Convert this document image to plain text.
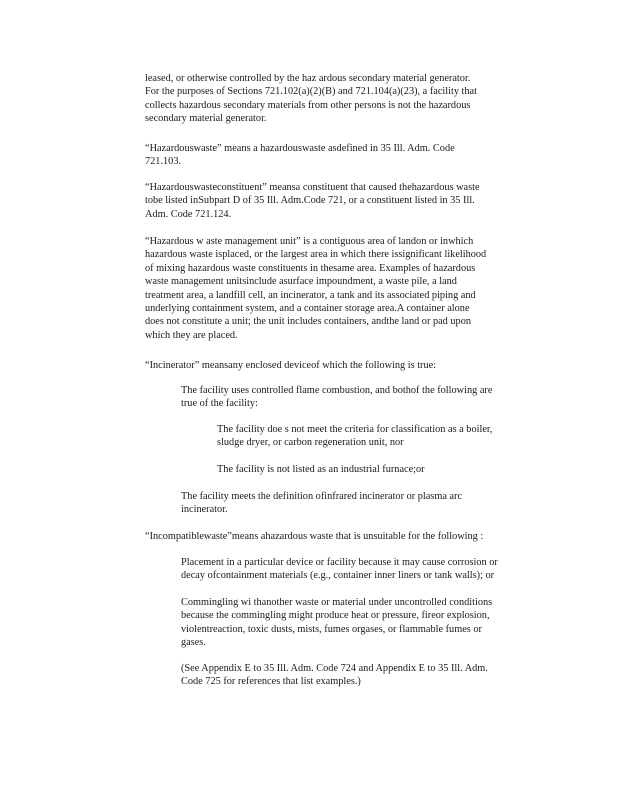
leased, or otherwise controlled by the haz ardous secondary material generator.
For the purposes of Sections 721.102(a)(2)(B) and 721.104(a)(23), a facility that
collects hazardous secondary materials from other persons is not the hazardous
secondary material generator.

“Hazardouswaste” means a hazardouswaste asdefined in 35 Ill. Adm. Code
721.103.

“Hazardouswasteconstituent” meansa constituent that caused thehazardous waste
tobe listed inSubpart D of 35 Ill. Adm.Code 721, or a constituent listed in 35 Ill.
Adm. Code 721.124.

“Hazardous w aste management unit” is a contiguous area of landon or inwhich
hazardous waste isplaced, or the largest area in which there issignificant likelihood
of mixing hazardous waste constituents in thesame area. Examples of hazardous
waste management unitsinclude asurface impoundment, a waste pile, a land
treatment area, a landfill cell, an incinerator, a tank and its associated piping and
underlying containment system, and a container storage area.A container alone
does not constitute a unit; the unit includes containers, andthe land or pad upon
which they are placed.

“Incinerator” meansany enclosed deviceof which the following is true:

The facility uses controlled flame combustion, and bothof the following are
true of the facility:

The facility doe s not meet the criteria for classification as a boiler,
sludge dryer, or carbon regeneration unit, nor

The facility is not listed as an industrial furnace;or

The facility meets the definition ofinfrared incinerator or plasma arc
incinerator.

“Incompatiblewaste”means ahazardous waste that is unsuitable for the following :

Placement in a particular device or facility because it may cause corrosion or
decay ofcontainment materials (e.g., container inner liners or tank walls); or

Commingling wi thanother waste or material under uncontrolled conditions
because the commingling might produce heat or pressure, fireor explosion,
violentreaction, toxic dusts, mists, fumes orgases, or flammable fumes or
gases.

(See Appendix E to 35 Ill. Adm. Code 724 and Appendix E to 35 Ill. Adm.
Code 725 for references that list examples.)
